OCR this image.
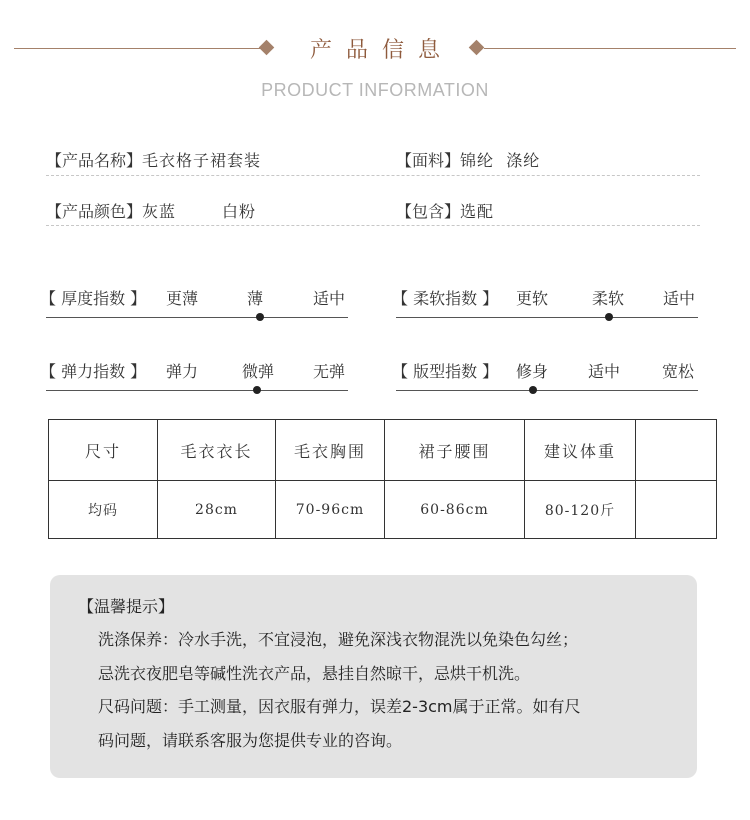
产品信息
PRODUCT INFORMATION
【产品名称】毛衣格子裙套装	【面料】锦纶  涤纶
【产品颜色】灰蓝	白粉	【包含】选配
【 厚度指数 】 更薄	薄	适中	【 柔软指数 】 更软	柔软 适中
【 弹力指数 】 弹力	微弹 无弹	【 版型指数 】 修身 适中	宽松
尺寸	毛衣衣长	毛衣胸围	裙子腰围	建议体重	
均码	28cm	70-96cm	60-86cm	80-120斤	
【温馨提示】
洗涤保养：冷水手洗，不宜浸泡，避免深浅衣物混洗以免染色勾丝；
忌洗衣夜肥皂等碱性洗衣产品，悬挂自然晾干，忌烘干机洗。
尺码问题：手工测量，因衣服有弹力，误差2-3cm属于正常。如有尺
码问题，请联系客服为您提供专业的咨询。
